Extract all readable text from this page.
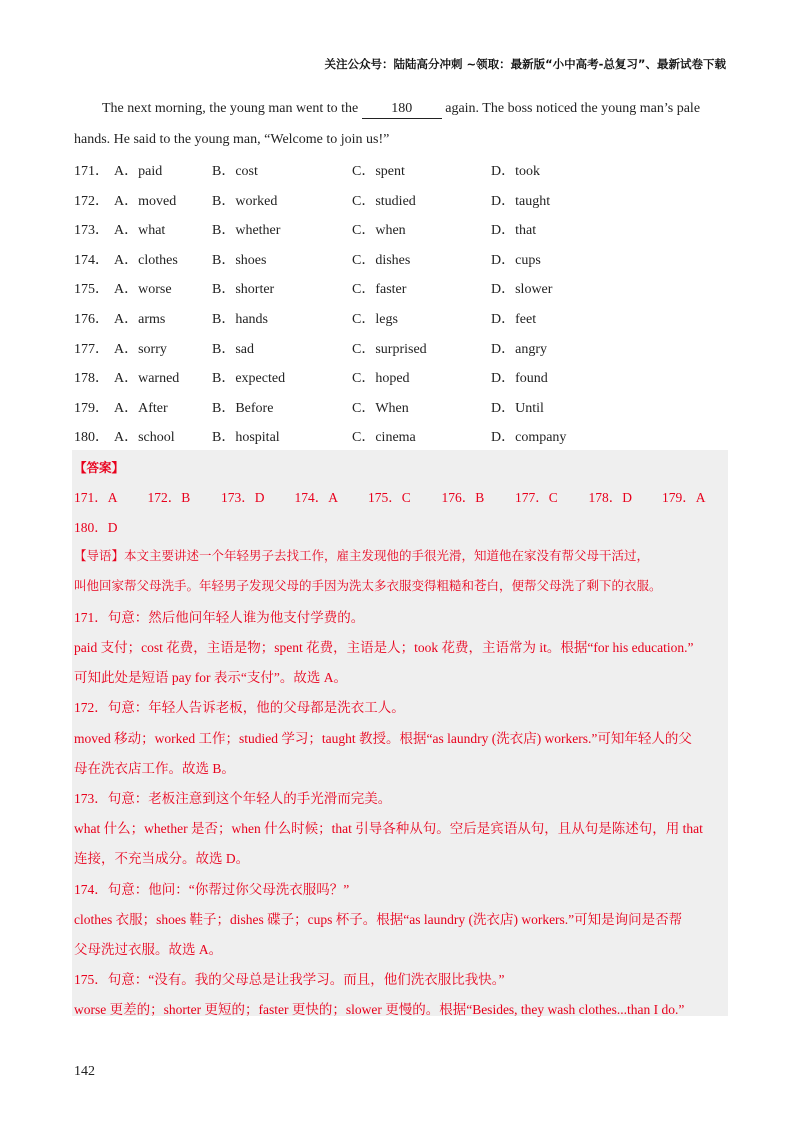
关注公众号：陆陆高分冲刺 ~领取：最新版“小中高考-总复习”、最新试卷下载
The next morning, the young man went to the 180 again. The boss noticed the young man’s pale
hands. He said to the young man, “Welcome to join us!”
171． A．paid	B．cost	C．spent	D．took
172． A．moved	B．worked	C．studied	D．taught
173． A．what	B．whether	C．when	D．that
174． A．clothes B．shoes	C．dishes	D．cups
175． A．worse	B．shorter	C．faster	D．slower
176． A．arms	B．hands	C．legs	D．feet
177． A．sorry	B．sad	C．surprised	D．angry
178． A．warned B．expected	C．hoped	D．found
179． A．After	B．Before	C．When	D．Until
180． A．school	B．hospital	C．cinema	D．company
【答案】
171．A 172．B 173．D 174．A 175．C 176．B 177．C 178．D 179．A
180．D
【导语】本文主要讲述一个年轻男子去找工作，雇主发现他的手很光滑，知道他在家没有帮父母干活过，
叫他回家帮父母洗手。年轻男子发现父母的手因为洗太多衣服变得粗糙和苍白，便帮父母洗了剩下的衣服。
171．句意：然后他问年轻人谁为他支付学费的。
paid 支付；cost 花费，主语是物；spent 花费，主语是人；took 花费，主语常为 it。根据“for his education.”
可知此处是短语 pay for 表示“支付”。故选 A。
172．句意：年轻人告诉老板，他的父母都是洗衣工人。
moved 移动；worked 工作；studied 学习；taught 教授。根据“as laundry (洗衣店) workers.”可知年轻人的父
母在洗衣店工作。故选 B。
173．句意：老板注意到这个年轻人的手光滑而完美。
what 什么；whether 是否；when 什么时候；that 引导各种从句。空后是宾语从句，且从句是陈述句，用 that
连接，不充当成分。故选 D。
174．句意：他问：“你帮过你父母洗衣服吗？”
clothes 衣服；shoes 鞋子；dishes 碟子；cups 杯子。根据“as laundry (洗衣店) workers.”可知是询问是否帮
父母洗过衣服。故选 A。
175．句意：“没有。我的父母总是让我学习。而且，他们洗衣服比我快。”
worse 更差的；shorter 更短的；faster 更快的；slower 更慢的。根据“Besides, they wash clothes...than I do.”
142
